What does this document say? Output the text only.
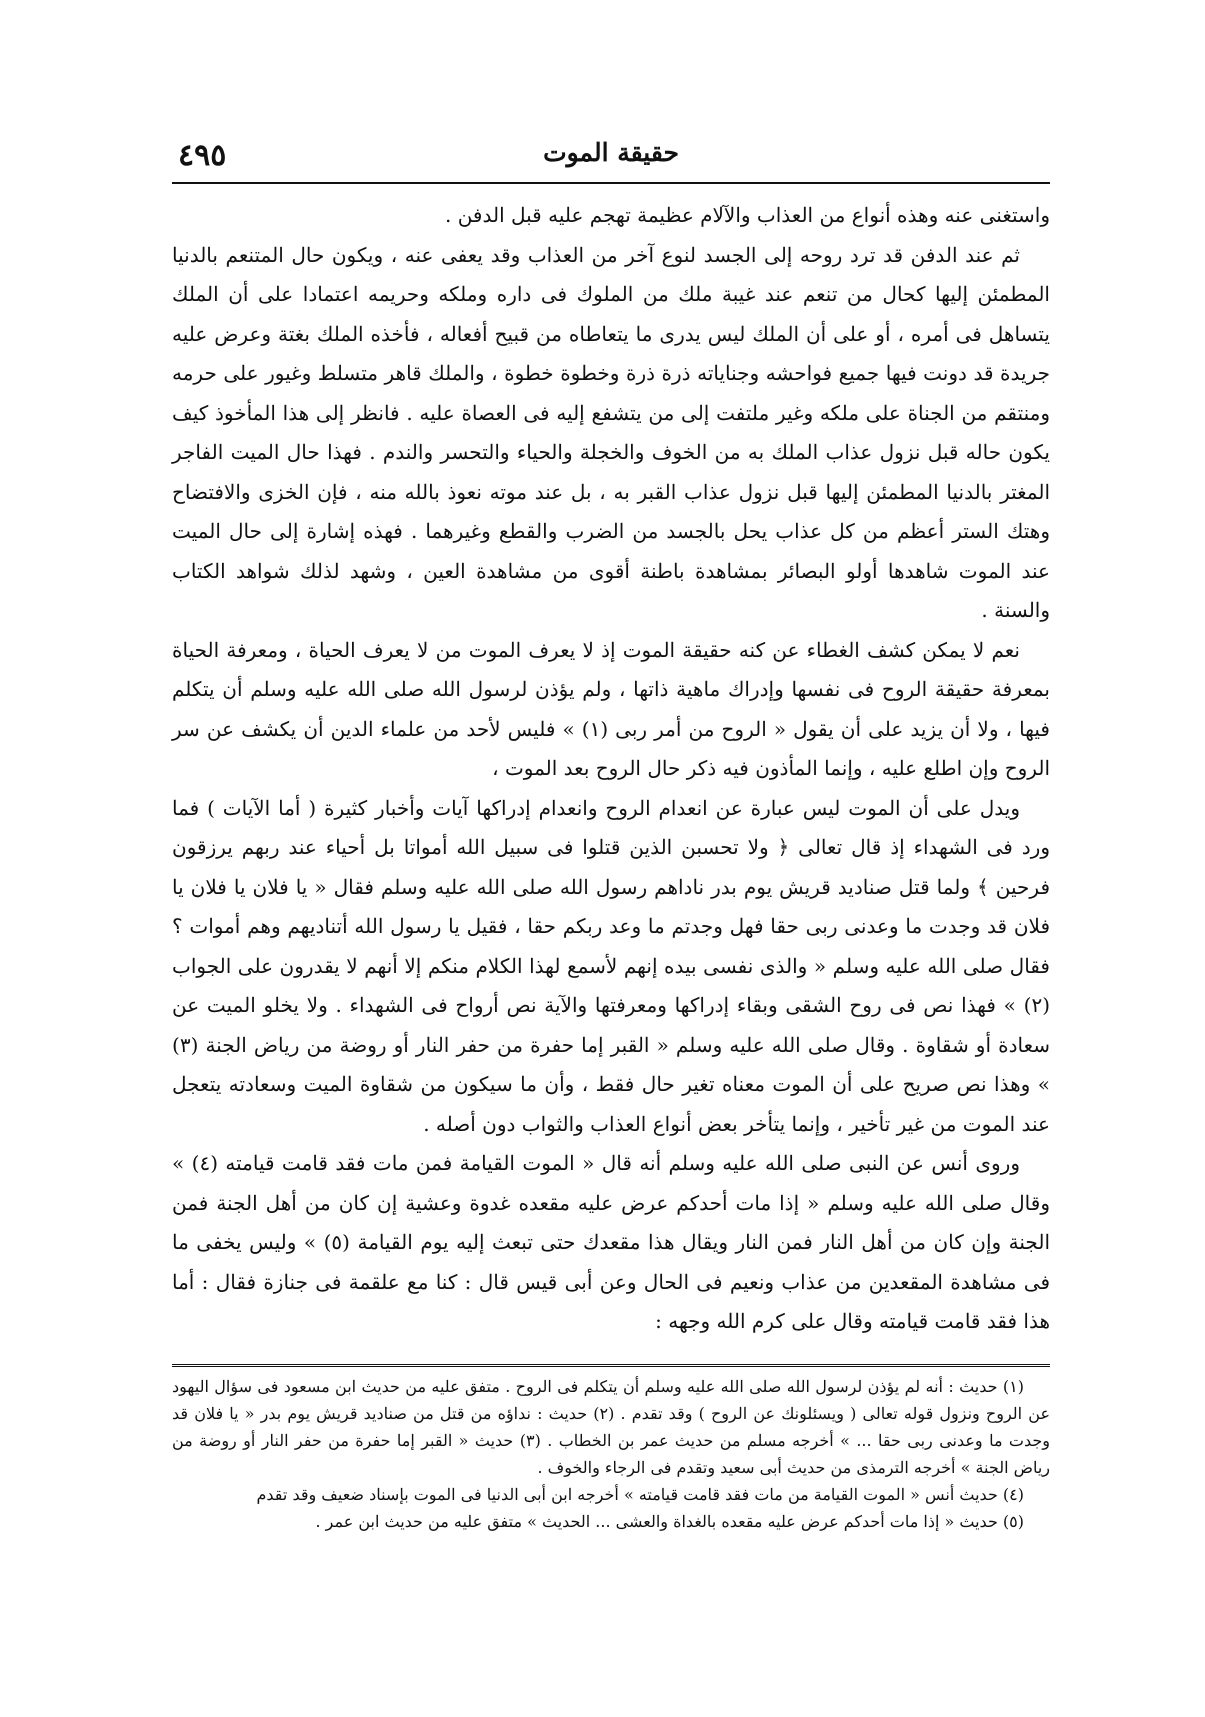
حقيقة الموت
٤٩٥

واستغنى عنه وهذه أنواع من العذاب والآلام عظيمة تهجم عليه قبل الدفن .

ثم عند الدفن قد ترد روحه إلى الجسد لنوع آخر من العذاب وقد يعفى عنه ، ويكون حال المتنعم بالدنيا المطمئن إليها كحال من تنعم عند غيبة ملك من الملوك فى داره وملكه وحريمه اعتمادا على أن الملك يتساهل فى أمره ، أو على أن الملك ليس يدرى ما يتعاطاه من قبيح أفعاله ، فأخذه الملك بغتة وعرض عليه جريدة قد دونت فيها جميع فواحشه وجناياته ذرة ذرة وخطوة خطوة ، والملك قاهر متسلط وغيور على حرمه ومنتقم من الجناة على ملكه وغير ملتفت إلى من يتشفع إليه فى العصاة عليه . فانظر إلى هذا المأخوذ كيف يكون حاله قبل نزول عذاب الملك به من الخوف والخجلة والحياء والتحسر والندم . فهذا حال الميت الفاجر المغتر بالدنيا المطمئن إليها قبل نزول عذاب القبر به ، بل عند موته نعوذ بالله منه ، فإن الخزى والافتضاح وهتك الستر أعظم من كل عذاب يحل بالجسد من الضرب والقطع وغيرهما . فهذه إشارة إلى حال الميت عند الموت شاهدها أولو البصائر بمشاهدة باطنة أقوى من مشاهدة العين ، وشهد لذلك شواهد الكتاب والسنة .

نعم لا يمكن كشف الغطاء عن كنه حقيقة الموت إذ لا يعرف الموت من لا يعرف الحياة ، ومعرفة الحياة بمعرفة حقيقة الروح فى نفسها وإدراك ماهية ذاتها ، ولم يؤذن لرسول الله صلى الله عليه وسلم أن يتكلم فيها ، ولا أن يزيد على أن يقول « الروح من أمر ربى (١) » فليس لأحد من علماء الدين أن يكشف عن سر الروح وإن اطلع عليه ، وإنما المأذون فيه ذكر حال الروح بعد الموت ،

ويدل على أن الموت ليس عبارة عن انعدام الروح وانعدام إدراكها آيات وأخبار كثيرة ( أما الآيات ) فما ورد فى الشهداء إذ قال تعالى ﴿ ولا تحسبن الذين قتلوا فى سبيل الله أمواتا بل أحياء عند ربهم يرزقون فرحين ﴾ ولما قتل صناديد قريش يوم بدر ناداهم رسول الله صلى الله عليه وسلم فقال « يا فلان يا فلان يا فلان قد وجدت ما وعدنى ربى حقا فهل وجدتم ما وعد ربكم حقا ، فقيل يا رسول الله أتناديهم وهم أموات ؟ فقال صلى الله عليه وسلم « والذى نفسى بيده إنهم لأسمع لهذا الكلام منكم إلا أنهم لا يقدرون على الجواب (٢) » فهذا نص فى روح الشقى وبقاء إدراكها ومعرفتها والآية نص أرواح فى الشهداء . ولا يخلو الميت عن سعادة أو شقاوة . وقال صلى الله عليه وسلم « القبر إما حفرة من حفر النار أو روضة من رياض الجنة (٣) » وهذا نص صريح على أن الموت معناه تغير حال فقط ، وأن ما سيكون من شقاوة الميت وسعادته يتعجل عند الموت من غير تأخير ، وإنما يتأخر بعض أنواع العذاب والثواب دون أصله .

وروى أنس عن النبى صلى الله عليه وسلم أنه قال « الموت القيامة فمن مات فقد قامت قيامته (٤) » وقال صلى الله عليه وسلم « إذا مات أحدكم عرض عليه مقعده غدوة وعشية إن كان من أهل الجنة فمن الجنة وإن كان من أهل النار فمن النار ويقال هذا مقعدك حتى تبعث إليه يوم القيامة (٥) » وليس يخفى ما فى مشاهدة المقعدين من عذاب ونعيم فى الحال وعن أبى قيس قال : كنا مع علقمة فى جنازة فقال : أما هذا فقد قامت قيامته وقال على كرم الله وجهه :

(١) حديث : أنه لم يؤذن لرسول الله صلى الله عليه وسلم أن يتكلم فى الروح . متفق عليه من حديث ابن مسعود فى سؤال اليهود عن الروح ونزول قوله تعالى ( ويسئلونك عن الروح ) وقد تقدم . (٢) حديث : نداؤه من قتل من صناديد قريش يوم بدر « يا فلان قد وجدت ما وعدنى ربى حقا ... » أخرجه مسلم من حديث عمر بن الخطاب . (٣) حديث « القبر إما حفرة من حفر النار أو روضة من رياض الجنة » أخرجه الترمذى من حديث أبى سعيد وتقدم فى الرجاء والخوف .

(٤) حديث أنس « الموت القيامة من مات فقد قامت قيامته » أخرجه ابن أبى الدنيا فى الموت بإسناد ضعيف وقد تقدم

(٥) حديث « إذا مات أحدكم عرض عليه مقعده بالغداة والعشى ... الحديث » متفق عليه من حديث ابن عمر .
